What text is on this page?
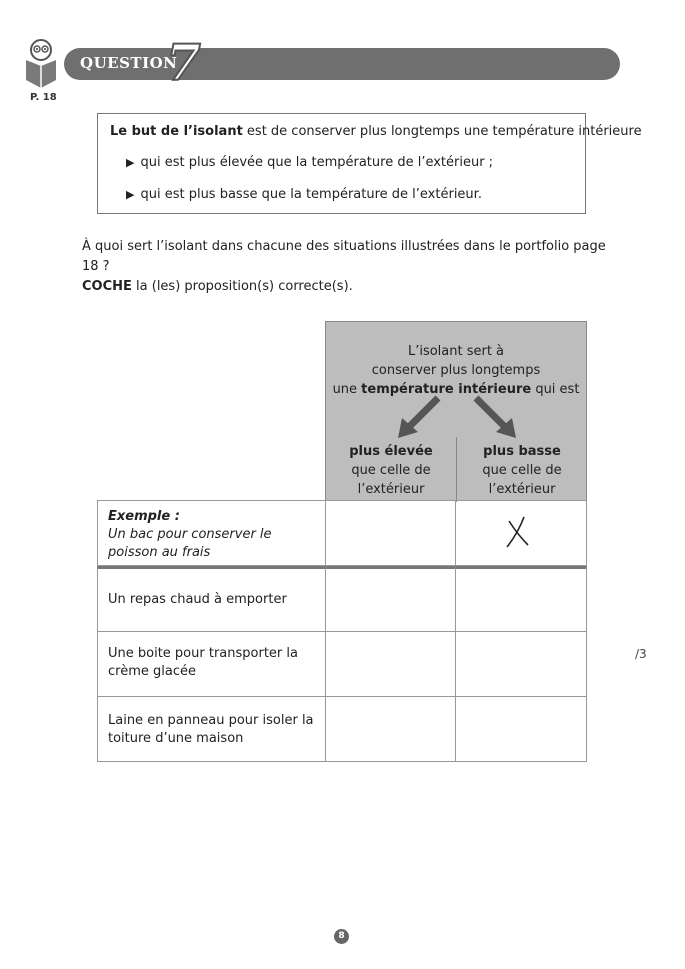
P. 18
QUESTION
7
Le but de l’isolant est de conserver plus longtemps une température intérieure
▶ qui est plus élevée que la température de l’extérieur ;
▶ qui est plus basse que la température de l’extérieur.
À quoi sert l’isolant dans chacune des situations illustrées dans le portfolio page 18 ?
COCHE la (les) proposition(s) correcte(s).
L’isolant sert à
conserver plus longtemps
une température intérieure qui est
plus élevée
que celle de
l’extérieur
plus basse
que celle de
l’extérieur
Exemple :
Un bac pour conserver le poisson au frais
Un repas chaud à emporter
Une boite pour transporter la crème glacée
Laine en panneau pour isoler la toiture d’une maison
/3
8
